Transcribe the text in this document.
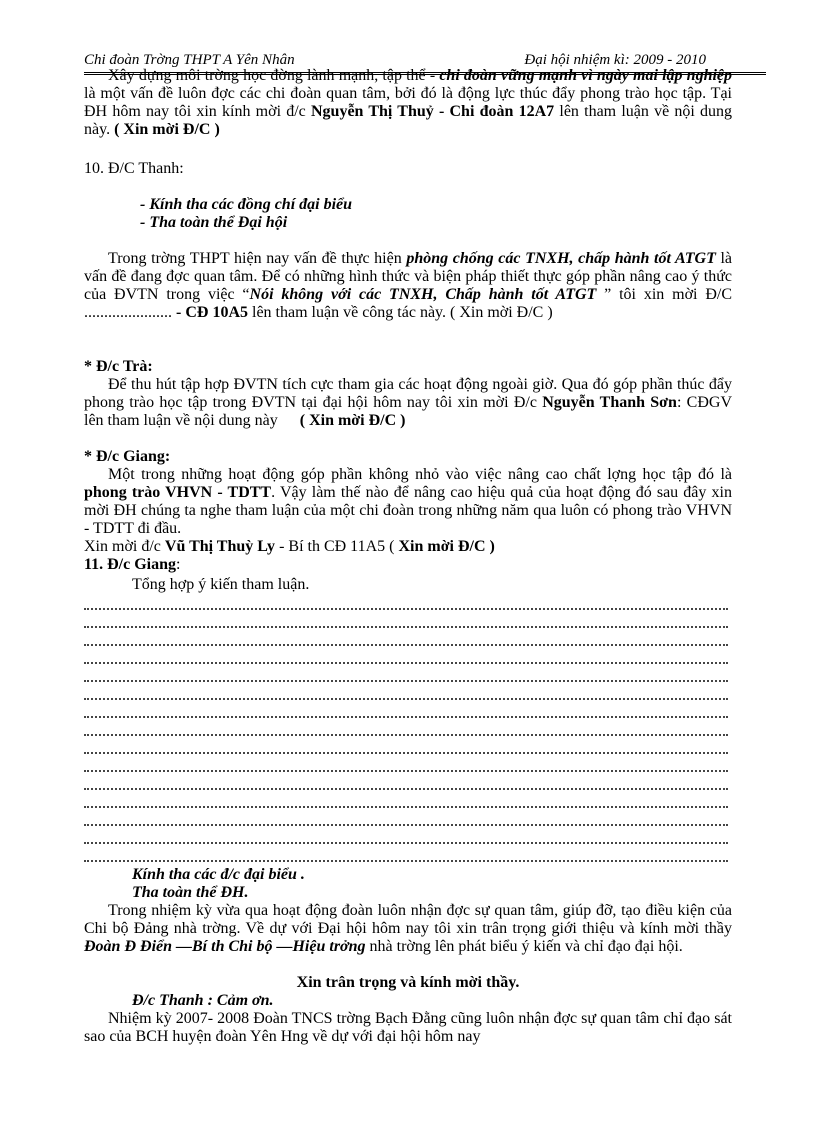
Chi đoàn Trờng THPT A Yên Nhân	Đại hội nhiệm kì: 2009 - 2010
Xây dựng môi trờng học đờng lành mạnh, tập thể - chi đoàn vững mạnh vì ngày mai lập nghiệp là một vấn đề luôn đợc các chi đoàn quan tâm, bởi đó là động lực thúc đẩy phong trào học tập. Tại ĐH hôm nay tôi xin kính mời đ/c Nguyễn Thị Thuỷ - Chi đoàn 12A7 lên tham luận về nội dung này. ( Xin mời Đ/C )
10. Đ/C Thanh:
- Kính tha các đồng chí đại biểu
- Tha toàn thể Đại hội
Trong trờng THPT hiện nay vấn đề thực hiện phòng chống các TNXH, chấp hành tốt ATGT là vấn đề đang đợc quan tâm. Để có những hình thức và biện pháp thiết thực góp phần nâng cao ý thức của ĐVTN trong việc “Nói không với các TNXH, Chấp hành tốt ATGT ” tôi xin mời Đ/C ...................... - CĐ 10A5 lên tham luận về công tác này. ( Xin mời Đ/C )
* Đ/c Trà:
Để thu hút tập hợp ĐVTN tích cực tham gia các hoạt động ngoài giờ. Qua đó góp phần thúc đẩy phong trào học tập trong ĐVTN tại đại hội hôm nay tôi xin mời Đ/c Nguyễn Thanh Sơn: CĐGV lên tham luận về nội dung này ( Xin mời Đ/C )
* Đ/c Giang:
Một trong những hoạt động góp phần không nhỏ vào việc nâng cao chất lợng học tập đó là phong trào VHVN - TDTT. Vậy làm thế nào để nâng cao hiệu quả của hoạt động đó sau đây xin mời ĐH chúng ta nghe tham luận của một chi đoàn trong những năm qua luôn có phong trào VHVN - TDTT đi đầu.
Xin mời đ/c Vũ Thị Thuỳ Ly - Bí th CĐ 11A5 ( Xin mời Đ/C )
11. Đ/c Giang:
Tổng hợp ý kiến tham luận.
Kính tha các đ/c đại biểu .
Tha toàn thể ĐH.
Trong nhiệm kỳ vừa qua hoạt động đoàn luôn nhận đợc sự quan tâm, giúp đỡ, tạo điều kiện của Chi bộ Đảng nhà trờng. Về dự với Đại hội hôm nay tôi xin trân trọng giới thiệu và kính mời thầy Đoàn Đ Điển —Bí th Chi bộ —Hiệu trởng nhà trờng lên phát biểu ý kiến và chỉ đạo đại hội.
Xin trân trọng và kính mời thầy.
Đ/c Thanh : Cảm ơn.
Nhiệm kỳ 2007- 2008 Đoàn TNCS trờng Bạch Đằng cũng luôn nhận đợc sự quan tâm chỉ đạo sát sao của BCH huyện đoàn Yên Hng về dự với đại hội hôm nay
